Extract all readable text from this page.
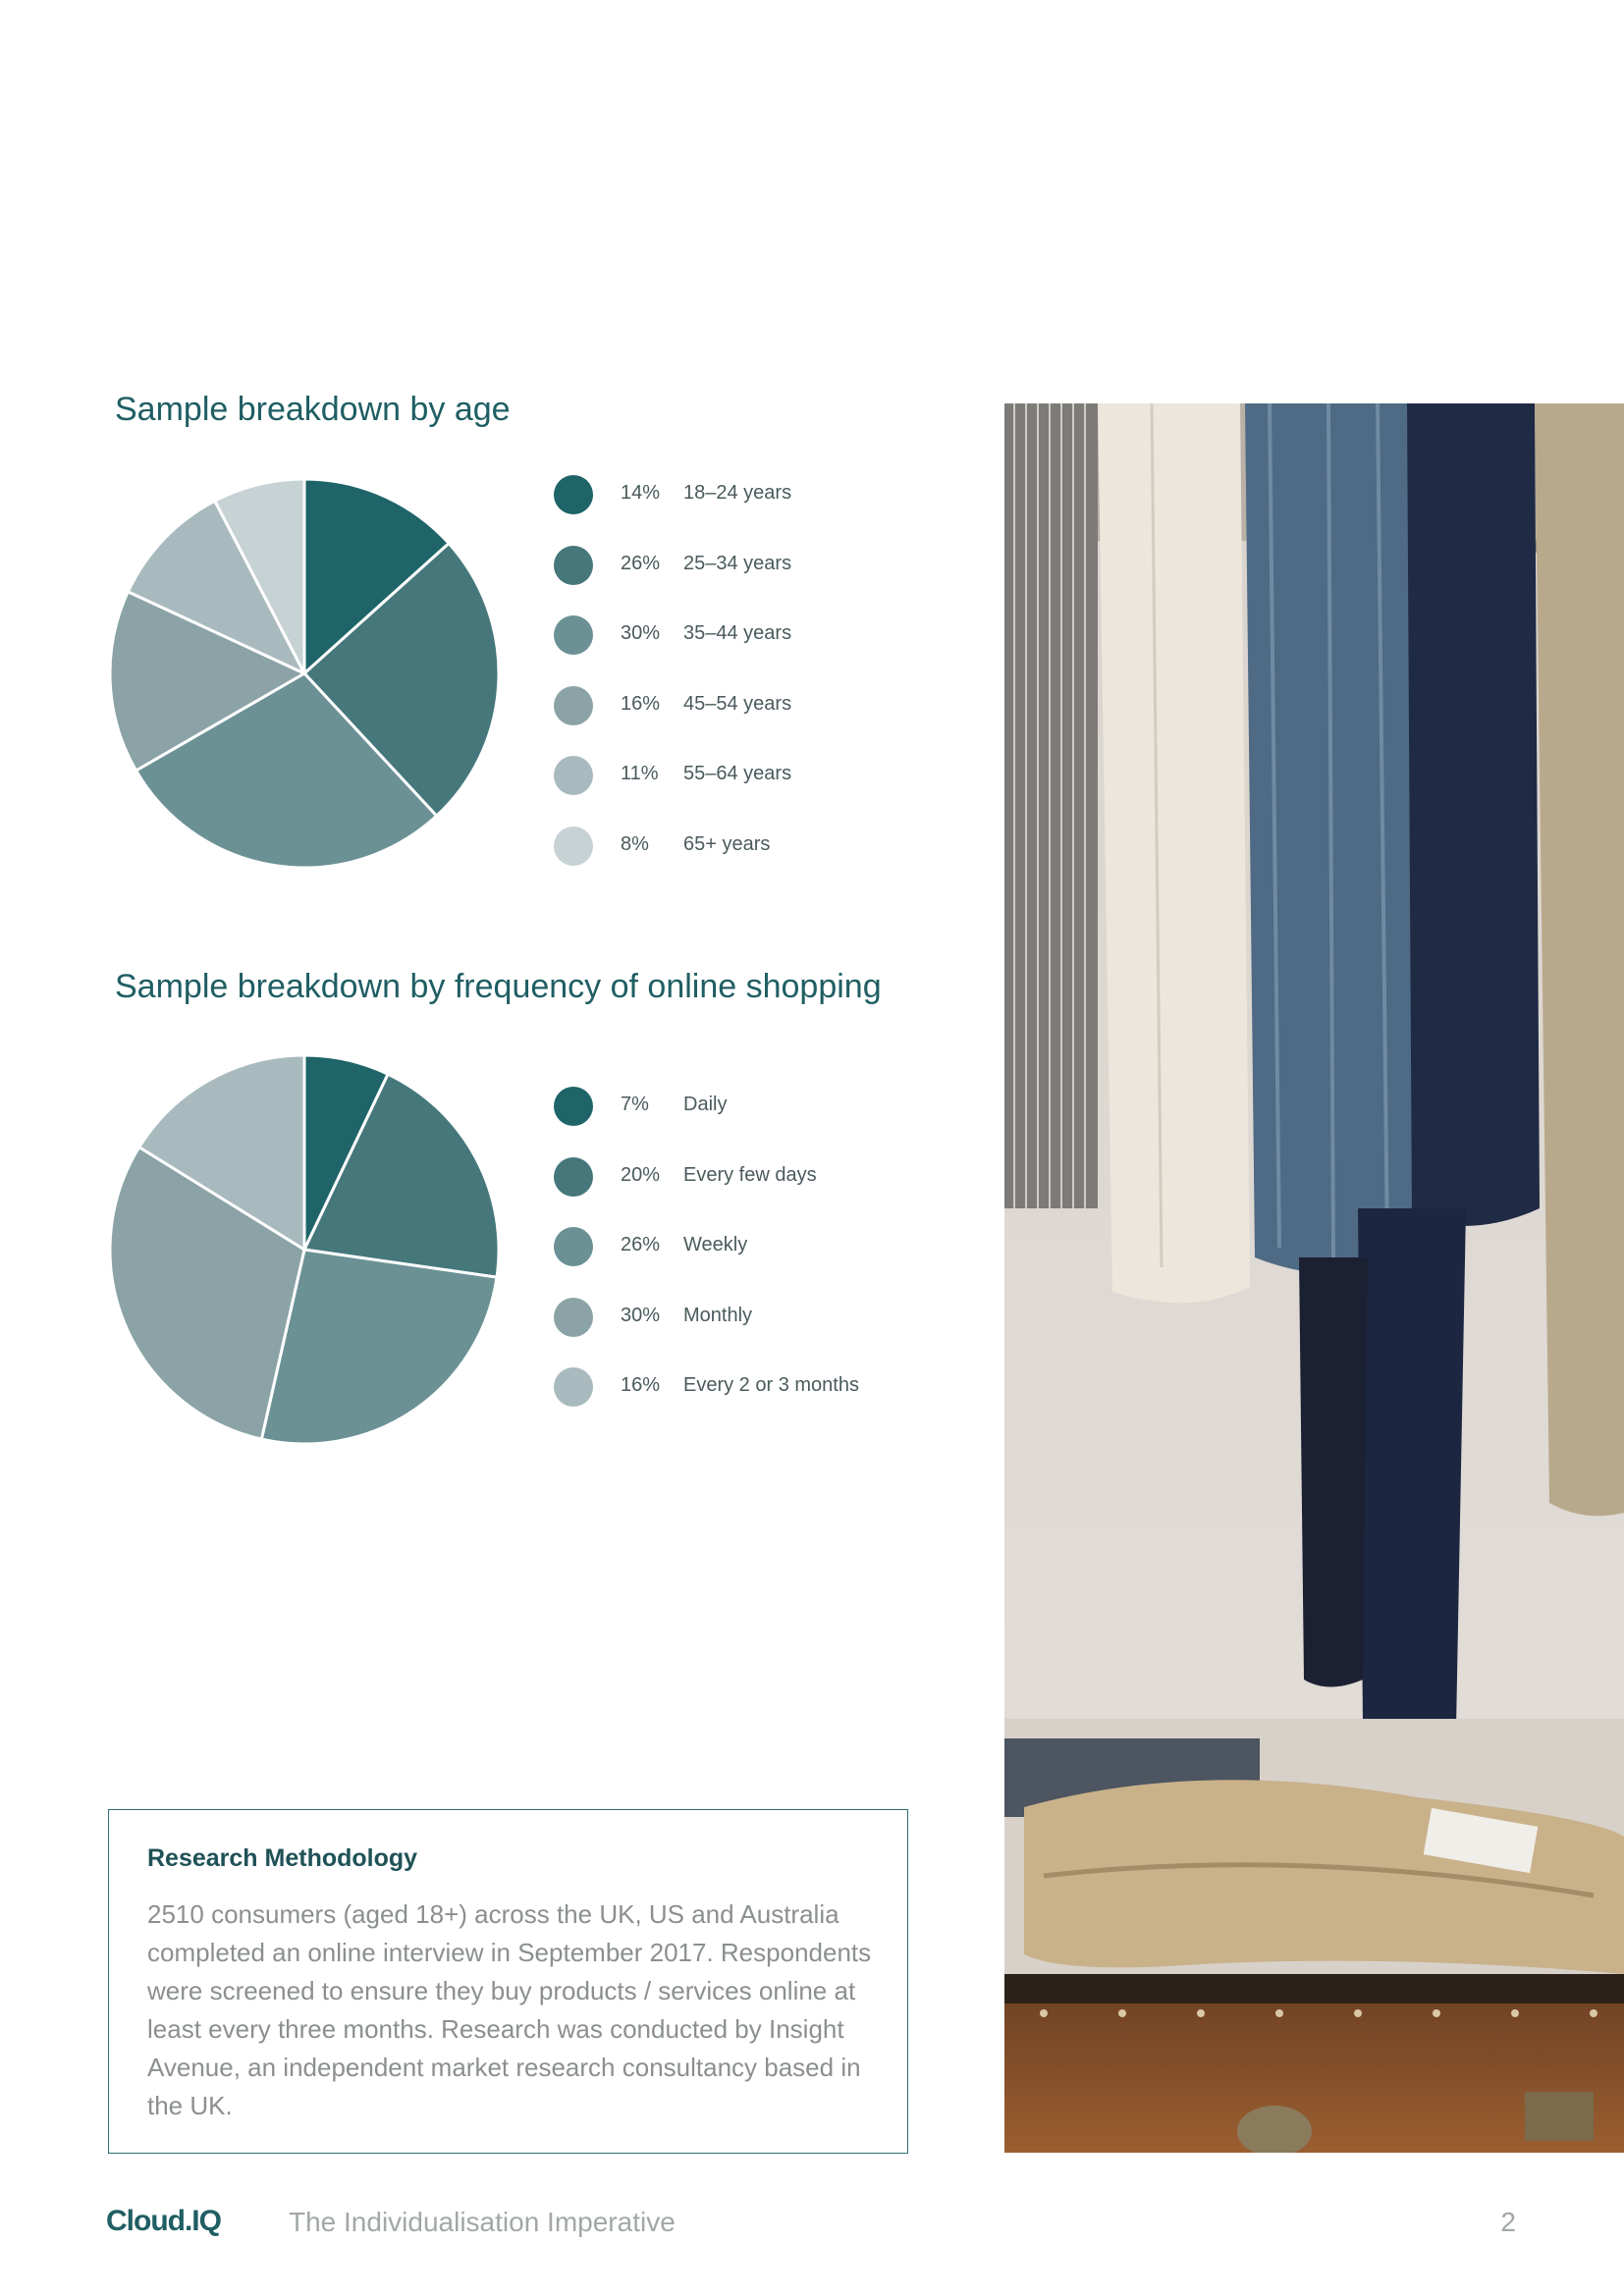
Sample breakdown by age
14% 18–24 years
26% 25–34 years
30% 35–44 years
16% 45–54 years
11% 55–64 years
8% 65+ years
Sample breakdown by frequency of online shopping
7% Daily
20% Every few days
26% Weekly
30% Monthly
16% Every 2 or 3 months
Research Methodology
2510 consumers (aged 18+) across the UK, US and Australia completed an online interview in September 2017. Respondents were screened to ensure they buy products / services online at least every three months. Research was conducted by Insight Avenue, an independent market research consultancy based in the UK.
Cloud.IQ The Individualisation Imperative	2
